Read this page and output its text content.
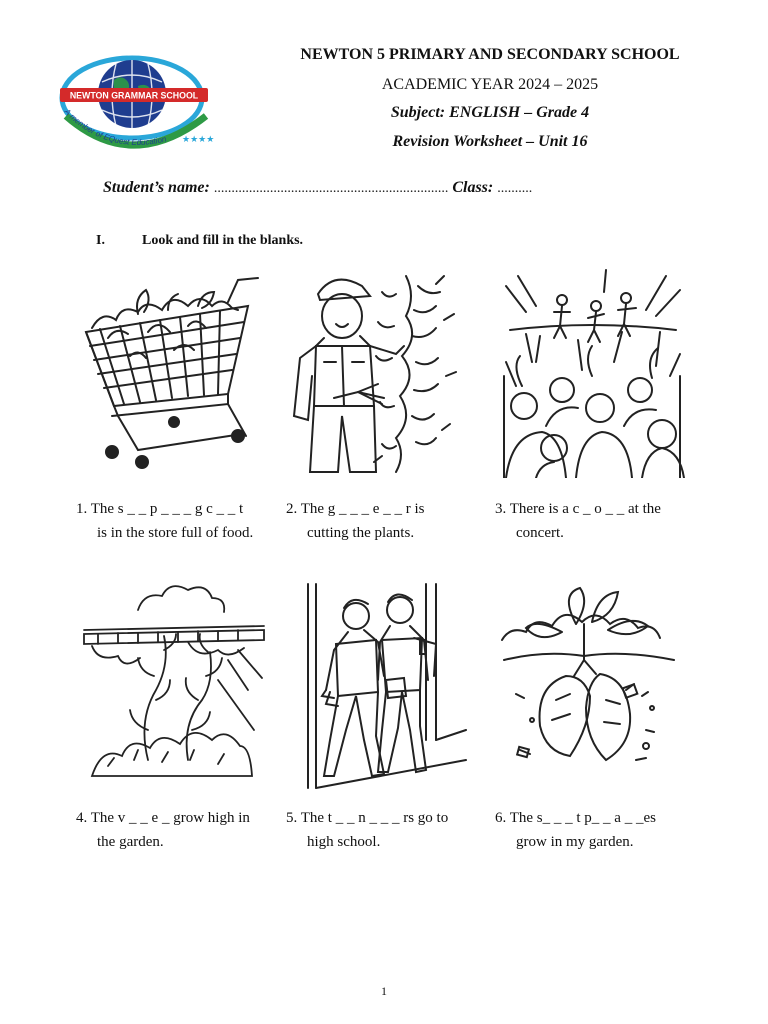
NEWTON GRAMMAR SCHOOL
A member of EQuest Education ★★★★
NEWTON 5 PRIMARY AND SECONDARY SCHOOL
ACADEMIC YEAR 2024 – 2025
Subject: ENGLISH – Grade 4
Revision Worksheet – Unit 16
Student’s name: ................................................................... Class: ..........
I.	Look and fill in the blanks.
1. The s _ _ p _ _ _ g c _ _ t
is in the store full of food.
2. The g _ _ _ e _ _ r is
cutting the plants.
3. There is a c _ o _ _ at the
concert.
4. The v _ _ e _ grow high in
the garden.
5. The t _ _ n _ _ _ rs go to
high school.
6. The s_ _ _ t p_ _ a _ _es
grow in my garden.
1
